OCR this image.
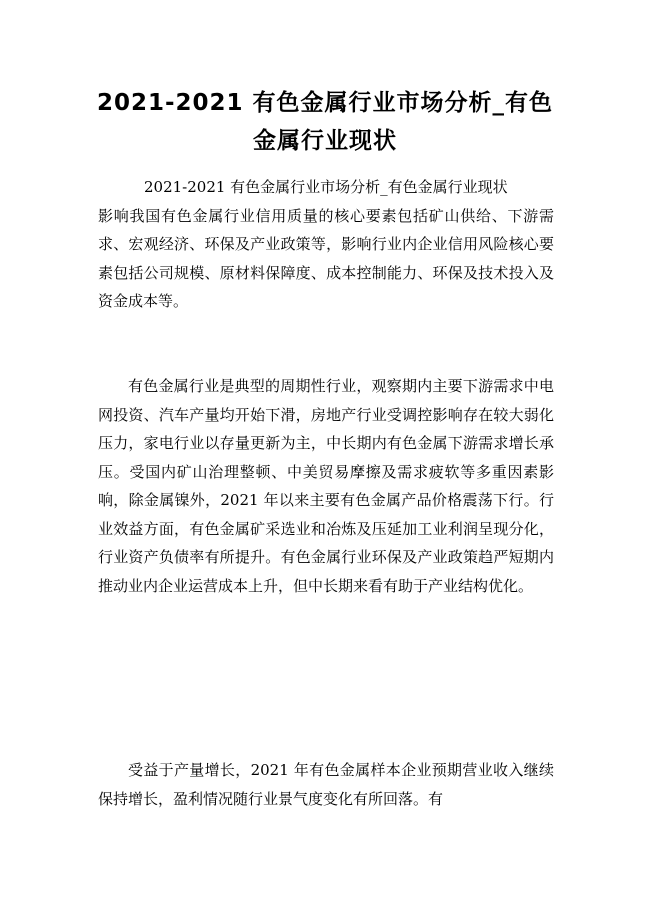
2021-2021 有色金属行业市场分析_有色金属行业现状
2021-2021 有色金属行业市场分析_有色金属行业现状
影响我国有色金属行业信用质量的核心要素包括矿山供给、下游需求、宏观经济、环保及产业政策等，影响行业内企业信用风险核心要素包括公司规模、原材料保障度、成本控制能力、环保及技术投入及资金成本等。

有色金属行业是典型的周期性行业，观察期内主要下游需求中电网投资、汽车产量均开始下滑，房地产行业受调控影响存在较大弱化压力，家电行业以存量更新为主，中长期内有色金属下游需求增长承压。受国内矿山治理整顿、中美贸易摩擦及需求疲软等多重因素影响，除金属镍外，2021 年以来主要有色金属产品价格震荡下行。行业效益方面，有色金属矿采选业和冶炼及压延加工业利润呈现分化，行业资产负债率有所提升。有色金属行业环保及产业政策趋严短期内推动业内企业运营成本上升，但中长期来看有助于产业结构优化。

受益于产量增长，2021 年有色金属样本企业预期营业收入继续保持增长，盈利情况随行业景气度变化有所回落。有
